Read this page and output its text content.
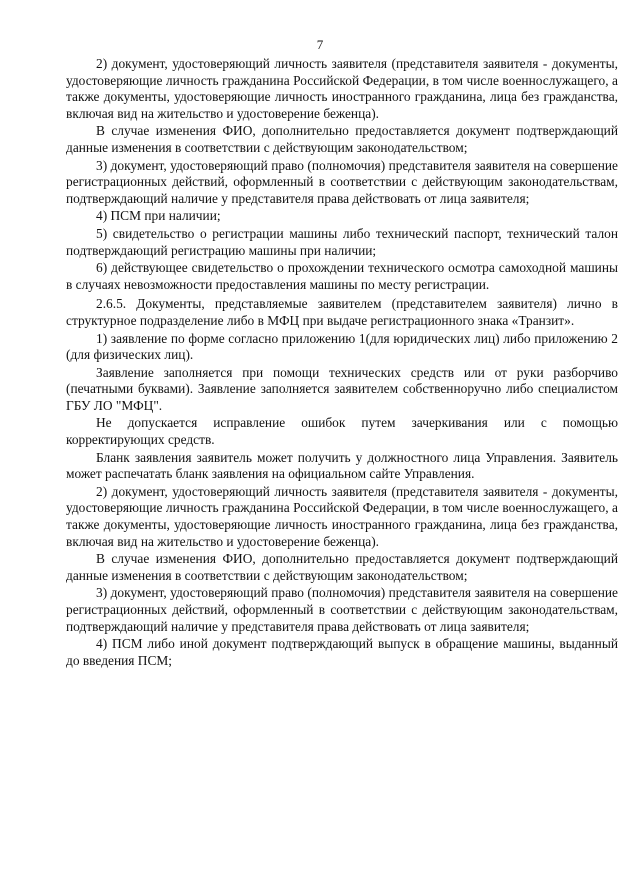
7

2) документ, удостоверяющий личность заявителя (представителя заявителя - документы, удостоверяющие личность гражданина Российской Федерации, в том числе военнослужащего, а также документы, удостоверяющие личность иностранного гражданина, лица без гражданства, включая вид на жительство и удостоверение беженца).

В случае изменения ФИО, дополнительно предоставляется документ подтверждающий данные изменения в соответствии с действующим законодательством;

3) документ, удостоверяющий право (полномочия) представителя заявителя на совершение регистрационных действий, оформленный в соответствии с действующим законодательствам, подтверждающий наличие у представителя права действовать от лица заявителя;

4) ПСМ при наличии;

5) свидетельство о регистрации машины либо технический паспорт, технический талон подтверждающий регистрацию машины при наличии;

6) действующее свидетельство о прохождении технического осмотра самоходной машины в случаях невозможности предоставления машины по месту регистрации.

2.6.5. Документы, представляемые заявителем (представителем заявителя) лично в структурное подразделение либо в МФЦ при выдаче регистрационного знака «Транзит».

1) заявление по форме согласно приложению 1(для юридических лиц) либо приложению 2 (для физических лиц).

Заявление заполняется при помощи технических средств или от руки разборчиво (печатными буквами). Заявление заполняется заявителем собственноручно либо специалистом ГБУ ЛО "МФЦ".

Не допускается исправление ошибок путем зачеркивания или с помощью корректирующих средств.

Бланк заявления заявитель может получить у должностного лица Управления. Заявитель может распечатать бланк заявления на официальном сайте Управления.

2) документ, удостоверяющий личность заявителя (представителя заявителя - документы, удостоверяющие личность гражданина Российской Федерации, в том числе военнослужащего, а также документы, удостоверяющие личность иностранного гражданина, лица без гражданства, включая вид на жительство и удостоверение беженца).

В случае изменения ФИО, дополнительно предоставляется документ подтверждающий данные изменения в соответствии с действующим законодательством;

3) документ, удостоверяющий право (полномочия) представителя заявителя на совершение регистрационных действий, оформленный в соответствии с действующим законодательствам, подтверждающий наличие у представителя права действовать от лица заявителя;

4) ПСМ либо иной документ подтверждающий выпуск в обращение машины, выданный до введения ПСМ;
